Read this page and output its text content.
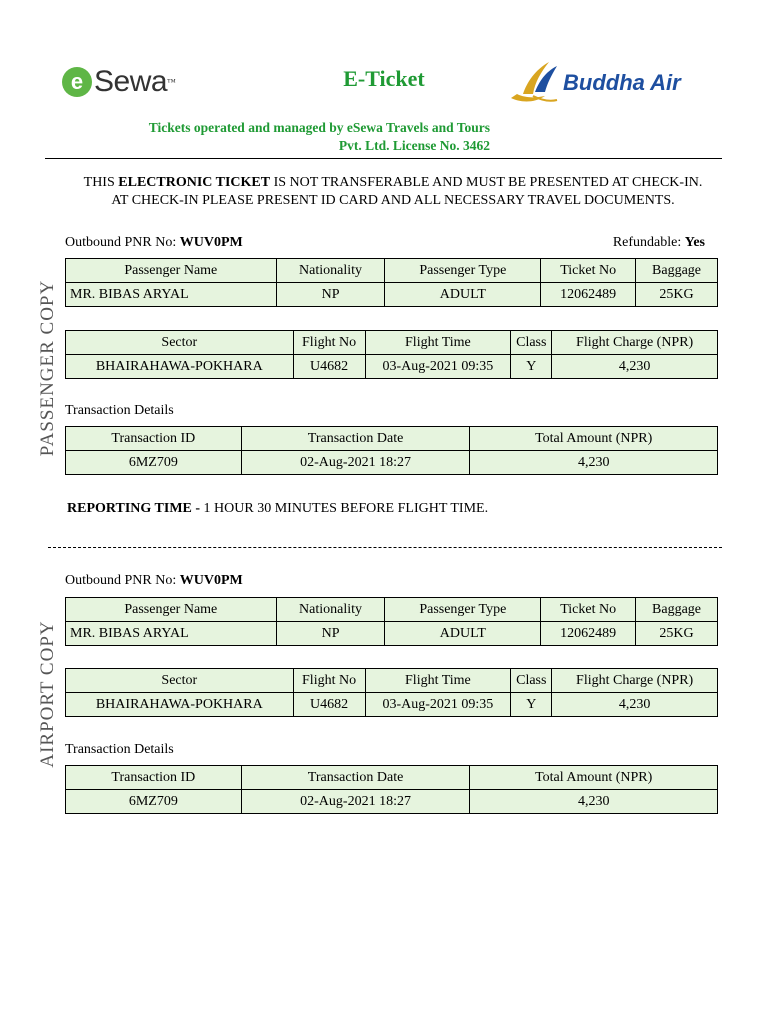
e Sewa ™	E-Ticket	Buddha Air
Tickets operated and managed by eSewa Travels and Tours
Pvt. Ltd. License No. 3462
THIS ELECTRONIC TICKET IS NOT TRANSFERABLE AND MUST BE PRESENTED AT CHECK-IN.
AT CHECK-IN PLEASE PRESENT ID CARD AND ALL NECESSARY TRAVEL DOCUMENTS.
PASSENGER COPY
Outbound PNR No: WUV0PM	Refundable: Yes
Passenger Name	Nationality	Passenger Type	Ticket No	Baggage
MR. BIBAS ARYAL	NP	ADULT	12062489	25KG
Sector	Flight No	Flight Time	Class	Flight Charge (NPR)
BHAIRAHAWA-POKHARA	U4682	03-Aug-2021 09:35	Y	4,230
Transaction Details
Transaction ID	Transaction Date	Total Amount (NPR)
6MZ709	02-Aug-2021 18:27	4,230
REPORTING TIME - 1 HOUR 30 MINUTES BEFORE FLIGHT TIME.
AIRPORT COPY
Outbound PNR No: WUV0PM
Passenger Name	Nationality	Passenger Type	Ticket No	Baggage
MR. BIBAS ARYAL	NP	ADULT	12062489	25KG
Sector	Flight No	Flight Time	Class	Flight Charge (NPR)
BHAIRAHAWA-POKHARA	U4682	03-Aug-2021 09:35	Y	4,230
Transaction Details
Transaction ID	Transaction Date	Total Amount (NPR)
6MZ709	02-Aug-2021 18:27	4,230
